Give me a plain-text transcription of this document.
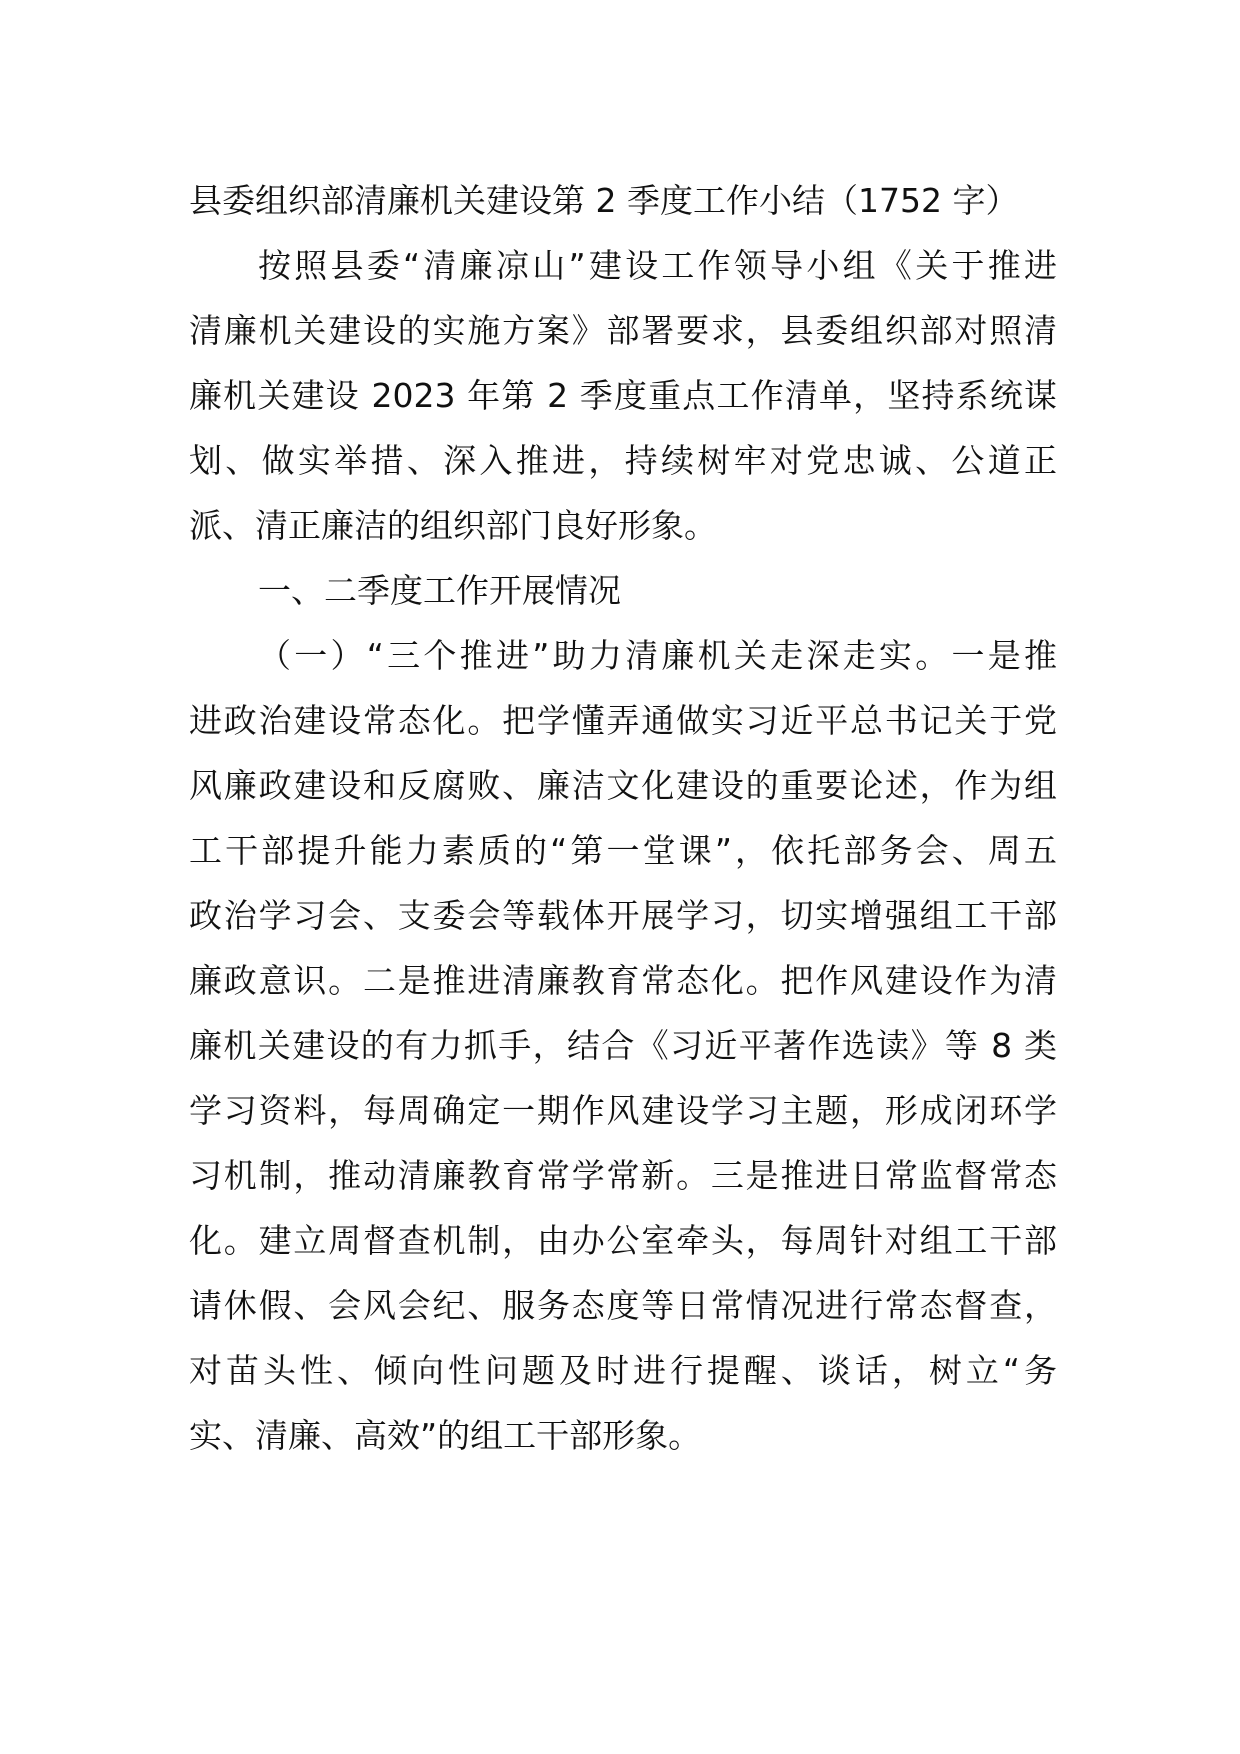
县委组织部清廉机关建设第 2 季度工作小结（1752 字）
按照县委“清廉凉山”建设工作领导小组《关于推进
清廉机关建设的实施方案》部署要求，县委组织部对照清
廉机关建设 2023 年第 2 季度重点工作清单，坚持系统谋
划、做实举措、深入推进，持续树牢对党忠诚、公道正
派、清正廉洁的组织部门良好形象。
一、二季度工作开展情况
（一）“三个推进”助力清廉机关走深走实。一是推
进政治建设常态化。把学懂弄通做实习近平总书记关于党
风廉政建设和反腐败、廉洁文化建设的重要论述，作为组
工干部提升能力素质的“第一堂课”，依托部务会、周五
政治学习会、支委会等载体开展学习，切实增强组工干部
廉政意识。二是推进清廉教育常态化。把作风建设作为清
廉机关建设的有力抓手，结合《习近平著作选读》等 8 类
学习资料，每周确定一期作风建设学习主题，形成闭环学
习机制，推动清廉教育常学常新。三是推进日常监督常态
化。建立周督查机制，由办公室牵头，每周针对组工干部
请休假、会风会纪、服务态度等日常情况进行常态督查，
对苗头性、倾向性问题及时进行提醒、谈话，树立“务
实、清廉、高效”的组工干部形象。
